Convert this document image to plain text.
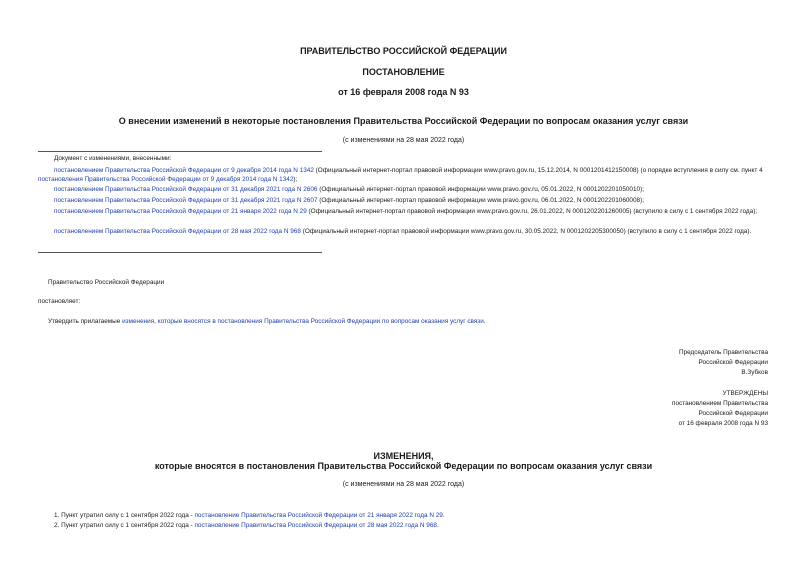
ПРАВИТЕЛЬСТВО РОССИЙСКОЙ ФЕДЕРАЦИИ
ПОСТАНОВЛЕНИЕ
от 16 февраля 2008 года N 93
О внесении изменений в некоторые постановления Правительства Российской Федерации по вопросам оказания услуг связи
(с изменениями на 28 мая 2022 года)
Документ с изменениями, внесенными:
постановлением Правительства Российской Федерации от 9 декабря 2014 года N 1342 (Официальный интернет-портал правовой информации www.pravo.gov.ru, 15.12.2014, N 0001201412150008) (о порядке вступления в силу см. пункт 4 постановления Правительства Российской Федерации от 9 декабря 2014 года N 1342);
постановлением Правительства Российской Федерации от 31 декабря 2021 года N 2606 (Официальный интернет-портал правовой информации www.pravo.gov.ru, 05.01.2022, N 0001202201050010);
постановлением Правительства Российской Федерации от 31 декабря 2021 года N 2607 (Официальный интернет-портал правовой информации www.pravo.gov.ru, 06.01.2022, N 0001202201060008);
постановлением Правительства Российской Федерации от 21 января 2022 года N 29 (Официальный интернет-портал правовой информации www.pravo.gov.ru, 26.01.2022, N 0001202201260005) (вступило в силу с 1 сентября 2022 года);
постановлением Правительства Российской Федерации от 28 мая 2022 года N 968 (Официальный интернет-портал правовой информации www.pravo.gov.ru, 30.05.2022, N 0001202205300050) (вступило в силу с 1 сентября 2022 года).
Правительство Российской Федерации
постановляет:
Утвердить прилагаемые изменения, которые вносятся в постановления Правительства Российской Федерации по вопросам оказания услуг связи.
Председатель Правительства
Российской Федерации
В.Зубков
УТВЕРЖДЕНЫ
постановлением Правительства
Российской Федерации
от 16 февраля 2008 года N 93
ИЗМЕНЕНИЯ,
которые вносятся в постановления Правительства Российской Федерации по вопросам оказания услуг связи
(с изменениями на 28 мая 2022 года)
1. Пункт утратил силу с 1 сентября 2022 года - постановление Правительства Российской Федерации от 21 января 2022 года N 29.
2. Пункт утратил силу с 1 сентября 2022 года - постановление Правительства Российской Федерации от 28 мая 2022 года N 968.
